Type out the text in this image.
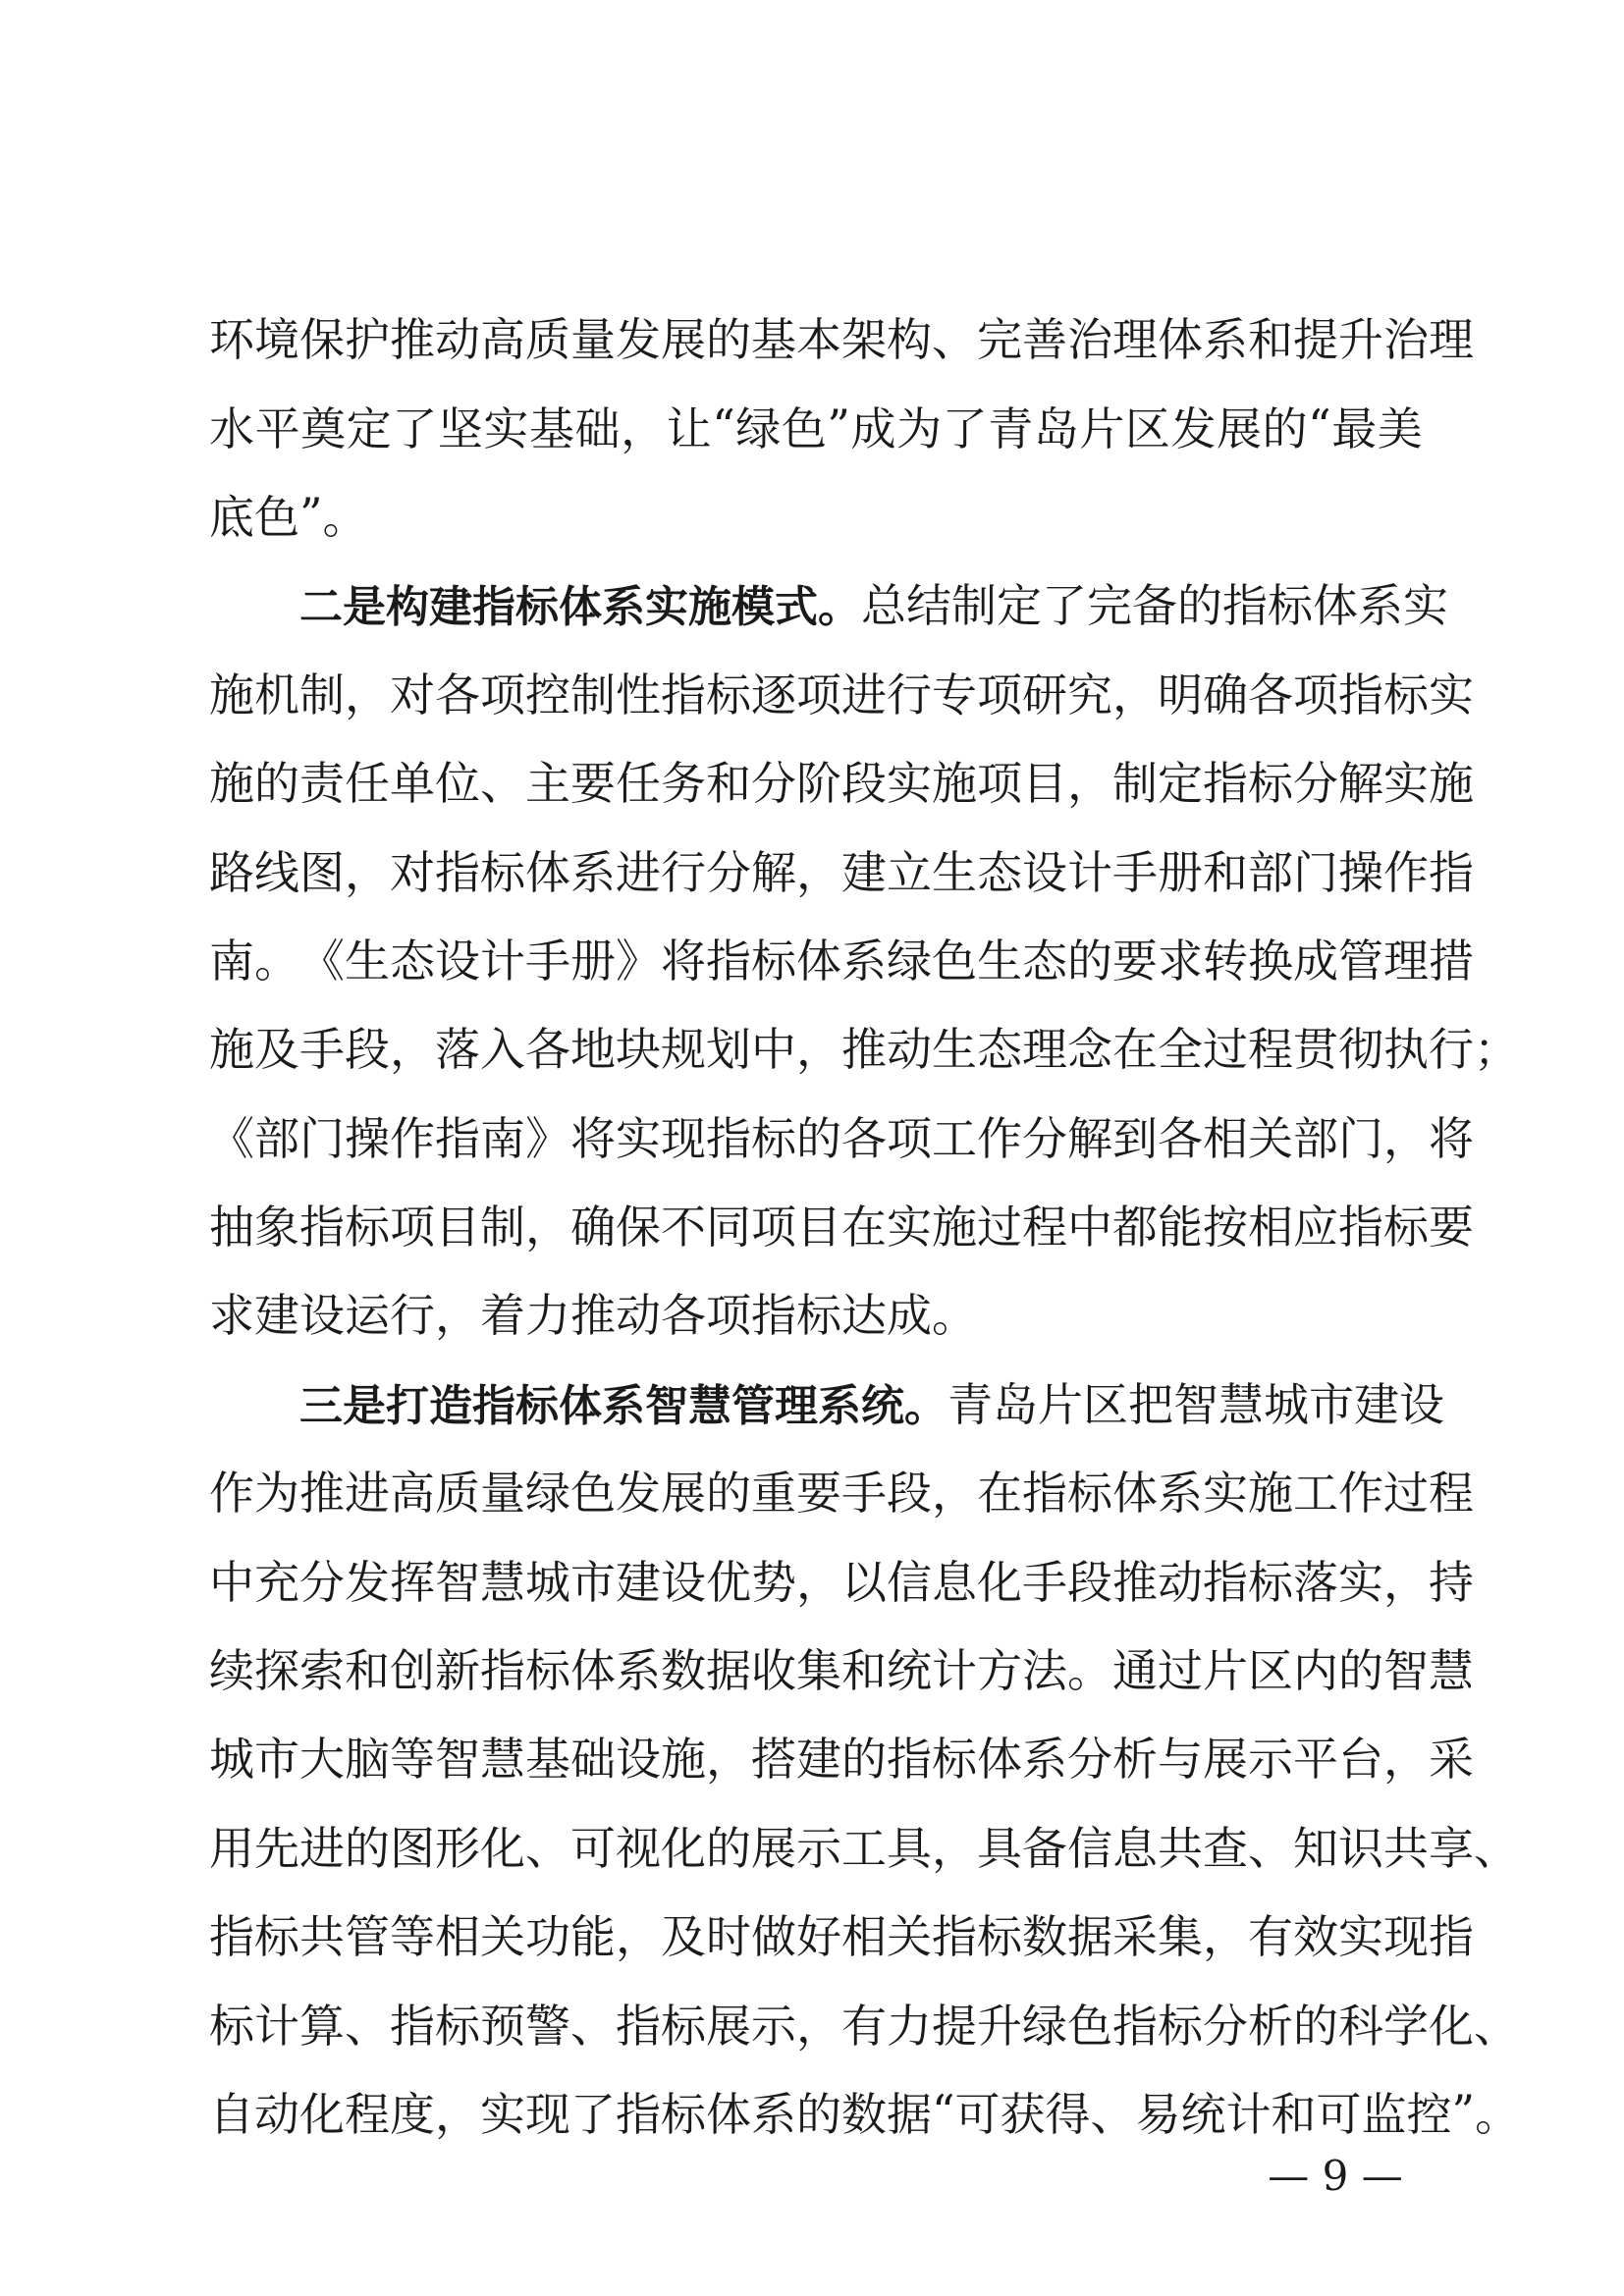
环 境 保 护 推 动 高 质 量 发 展 的 基 本 架 构 、 完 善 治 理 体 系 和 提 升 治 理
水 平 奠 定 了 坚 实 基 础 ， 让 “ 绿 色 ” 成 为 了 青 岛 片 区 发 展 的 “ 最 美
底 色 ” 。
二 是 构 建 指 标 体 系 实 施 模 式 。 总 结 制 定 了 完 备 的 指 标 体 系 实
施 机 制 ， 对 各 项 控 制 性 指 标 逐 项 进 行 专 项 研 究 ， 明 确 各 项 指 标 实
施 的 责 任 单 位 、 主 要 任 务 和 分 阶 段 实 施 项 目 ， 制 定 指 标 分 解 实 施
路 线 图 ， 对 指 标 体 系 进 行 分 解 ， 建 立 生 态 设 计 手 册 和 部 门 操 作 指
南 。 《 生 态 设 计 手 册 》 将 指 标 体 系 绿 色 生 态 的 要 求 转 换 成 管 理 措
施 及 手 段 ， 落 入 各 地 块 规 划 中 ， 推 动 生 态 理 念 在 全 过 程 贯 彻 执 行 ；
《 部 门 操 作 指 南 》 将 实 现 指 标 的 各 项 工 作 分 解 到 各 相 关 部 门 ， 将
抽 象 指 标 项 目 制 ， 确 保 不 同 项 目 在 实 施 过 程 中 都 能 按 相 应 指 标 要
求 建 设 运 行 ， 着 力 推 动 各 项 指 标 达 成 。
三 是 打 造 指 标 体 系 智 慧 管 理 系 统 。 青 岛 片 区 把 智 慧 城 市 建 设
作 为 推 进 高 质 量 绿 色 发 展 的 重 要 手 段 ， 在 指 标 体 系 实 施 工 作 过 程
中 充 分 发 挥 智 慧 城 市 建 设 优 势 ， 以 信 息 化 手 段 推 动 指 标 落 实 ， 持
续 探 索 和 创 新 指 标 体 系 数 据 收 集 和 统 计 方 法 。 通 过 片 区 内 的 智 慧
城 市 大 脑 等 智 慧 基 础 设 施 ， 搭 建 的 指 标 体 系 分 析 与 展 示 平 台 ， 采
用 先 进 的 图 形 化 、 可 视 化 的 展 示 工 具 ， 具 备 信 息 共 查 、 知 识 共 享 、
指 标 共 管 等 相 关 功 能 ， 及 时 做 好 相 关 指 标 数 据 采 集 ， 有 效 实 现 指
标 计 算 、 指 标 预 警 、 指 标 展 示 ， 有 力 提 升 绿 色 指 标 分 析 的 科 学 化 、
自 动 化 程 度 ， 实 现 了 指 标 体 系 的 数 据 “ 可 获 得 、 易 统 计 和 可 监 控 ” 。
— 9 —
